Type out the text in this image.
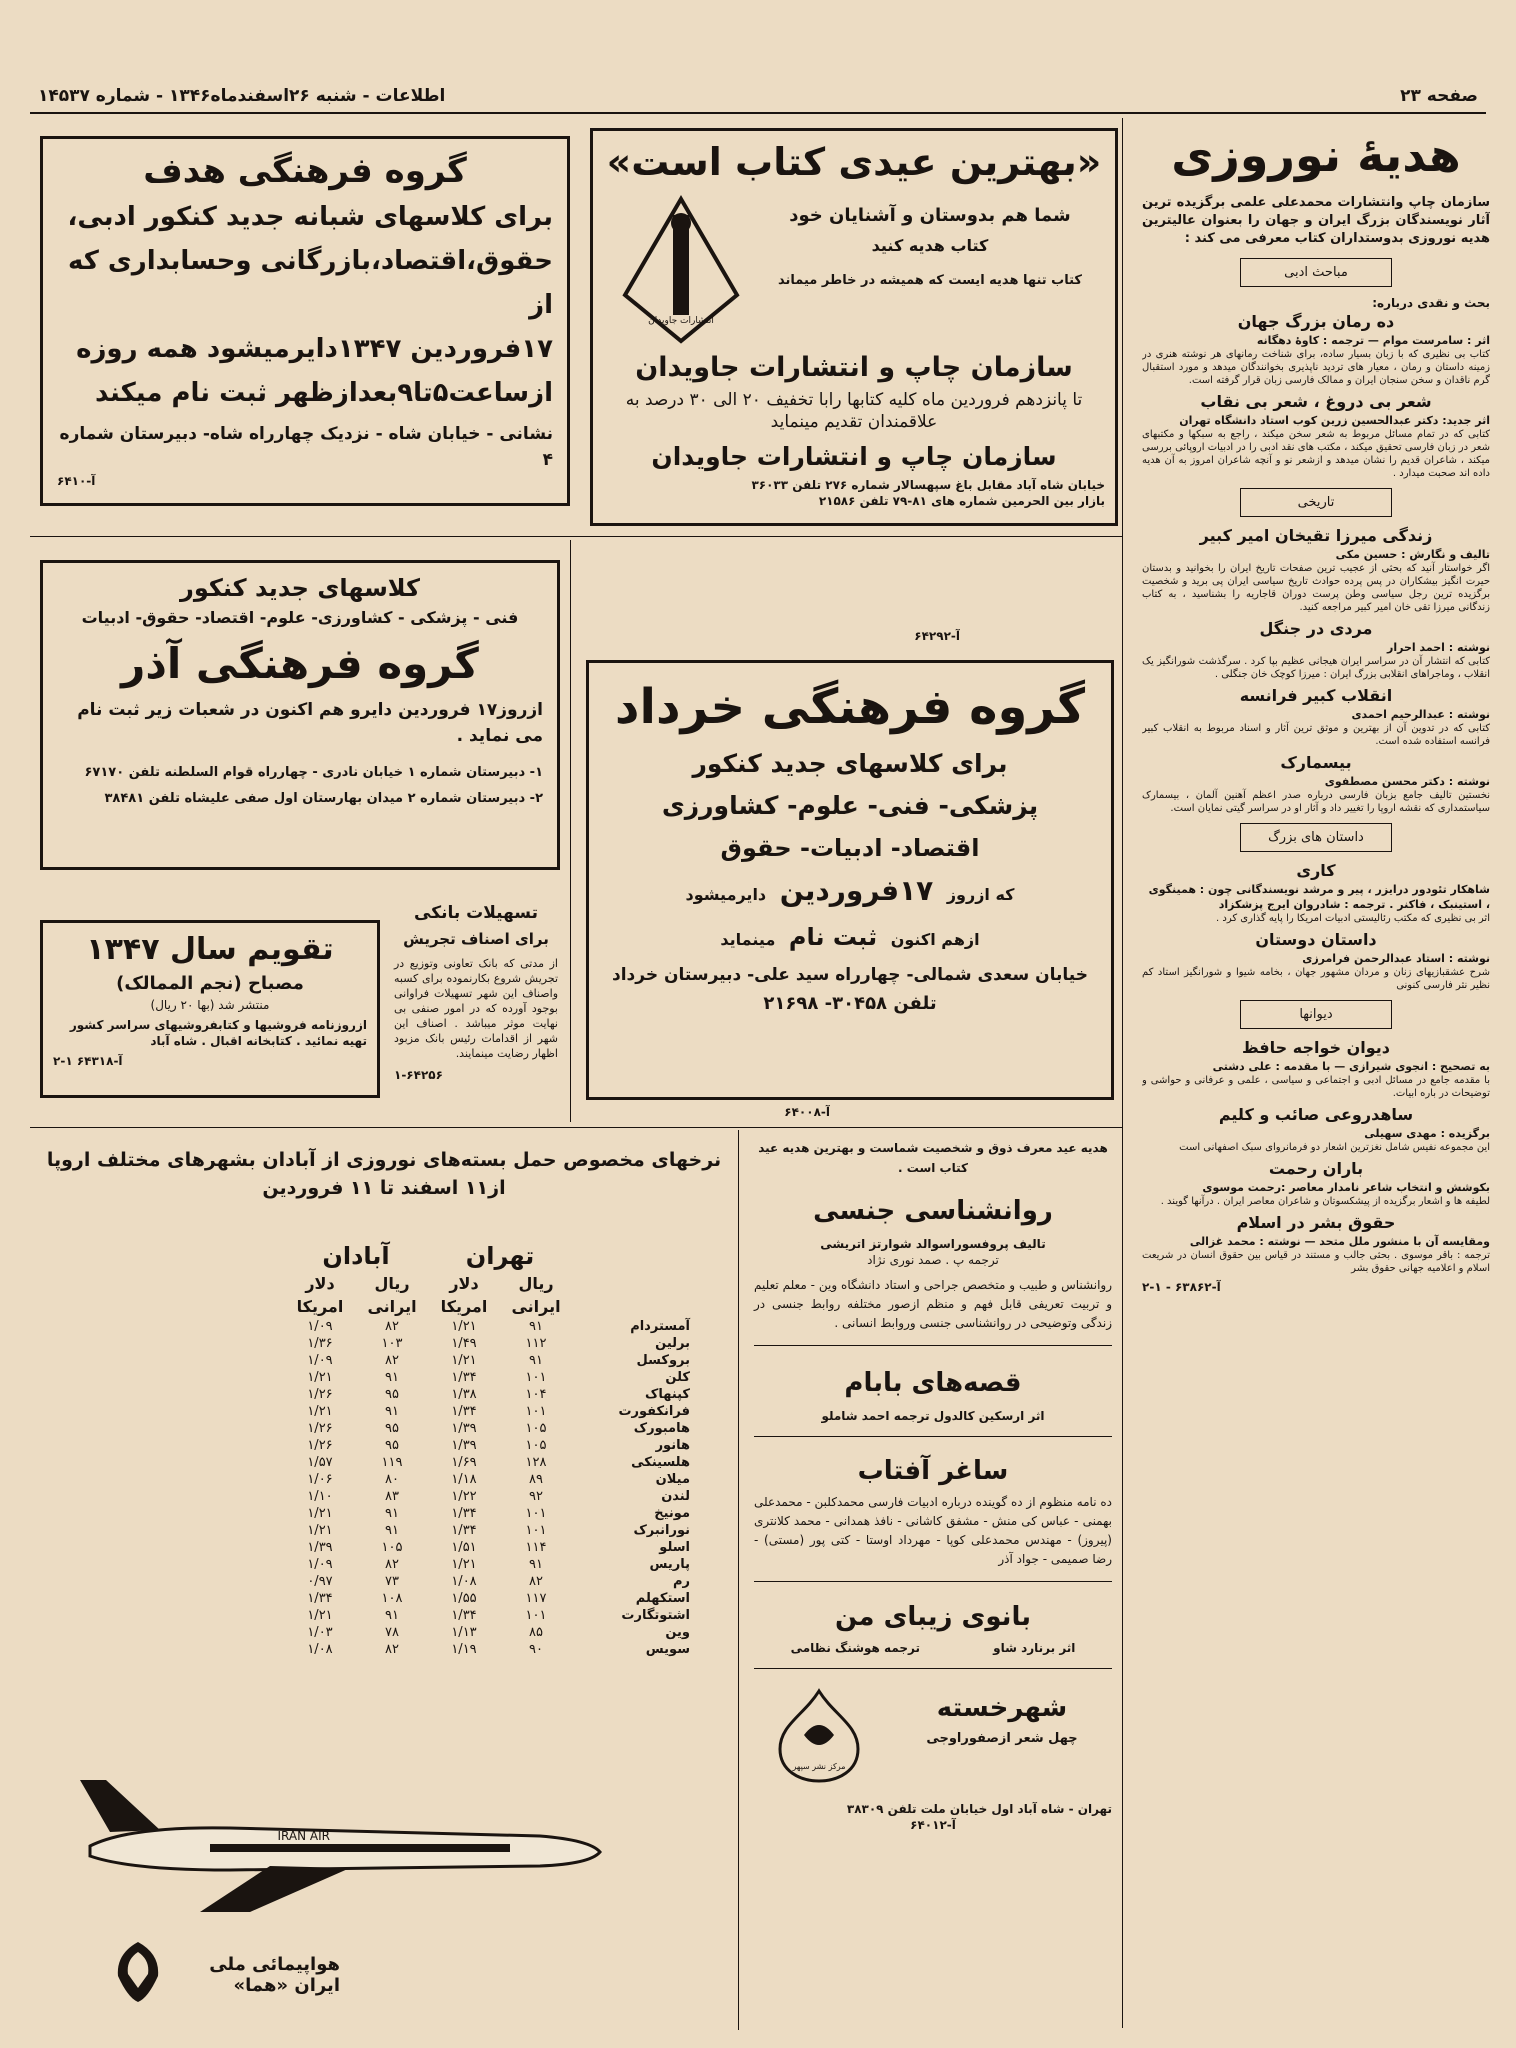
صفحه ۲۳
اطلاعات - شنبه ۲۶اسفندماه۱۳۴۶ - شماره ۱۴۵۳۷
هدیهٔ نوروزی
سازمان چاپ وانتشارات محمدعلی علمی برگزیده ترین آثار نویسندگان بزرگ ایران و جهان را بعنوان عالیترین هدیه نوروزی بدوستداران کتاب معرفی می کند :
مباحث ادبی
بحث و نقدی درباره:
ده رمان بزرگ جهان
اثر : سامرست موام — ترجمه : کاوهٔ دهگانه
کتاب بی نظیری که با زبان بسیار ساده، برای شناخت رمانهای هر نوشته هنری در زمینه داستان و رمان ، معیار های تردید ناپذیری بخوانندگان میدهد و مورد استقبال گرم ناقدان و سخن سنجان ایران و ممالک فارسی زبان قرار گرفته است.
شعر بی دروغ ، شعر بی نقاب
اثر جدید: دکتر عبدالحسین زرین کوب استاد دانشگاه تهران
کتابی که در تمام مسائل مربوط به شعر سخن میکند ، راجع به سبکها و مکتبهای شعر در زبان فارسی تحقیق میکند ، مکتب های نقد ادبی را در ادبیات اروپائی بررسی میکند ، شاعران قدیم را نشان میدهد و ازشعر نو و آنچه شاعران امروز به آن هدیه داده اند صحبت میدارد .
تاریخی
زندگی میرزا تقیخان امیر کبیر
تالیف و نگارش : حسین مکی
اگر خواستار آنید که بحثی از عجیب ترین صفحات تاریخ ایران را بخوانید و بدستان حیرت انگیز بیشکاران در پس پرده حوادث تاریخ سیاسی ایران پی برید و شخصیت برگزیده ترین رجل سیاسی وطن پرست دوران قاجاریه را بشناسید ، به کتاب زندگانی میرزا تقی خان امیر کبیر مراجعه کنید.
مردی در جنگل
نوشته : احمد احرار
کتابی که انتشار آن در سراسر ایران هیجانی عظیم بپا کرد . سرگذشت شورانگیز یک انقلاب ، وماجراهای انقلابی بزرگ ایران : میرزا کوچک خان جنگلی .
انقلاب کبیر فرانسه
نوشته : عبدالرحیم احمدی
کتابی که در تدوین آن از بهترین و موثق ترین آثار و اسناد مربوط به انقلاب کبیر فرانسه استفاده شده است.
بیسمارک
نوشته : دکتر محسن مصطفوی
نخستین تالیف جامع بزبان فارسی درباره صدر اعظم آهنین آلمان ، بیسمارک سیاستمداری که نقشه اروپا را تغییر داد و آثار او در سراسر گیتی نمایان است.
داستان های بزرگ
کاری
شاهکار تئودور درایزر ، پیر و مرشد نویسندگانی چون : همینگوی ، استینبک ، فاکنر . ترجمه : شادروان ایرج پزشکزاد
اثر بی نظیری که مکتب رئالیستی ادبیات امریکا را پایه گذاری کرد .
داستان دوستان
نوشته : استاد عبدالرحمن فرامرزی
شرح عشقبازیهای زنان و مردان مشهور جهان ، بخامه شیوا و شورانگیز استاد کم نظیر نثر فارسی کنونی
دیوانها
دیوان خواجه حافظ
به تصحیح : انجوی شیرازی — با مقدمه : علی دشتی
با مقدمه جامع در مسائل ادبی و اجتماعی و سیاسی ، علمی و عرفانی و حواشی و توضیحات در باره ابیات.
ساهدروعی صائب و کلیم
برگزیده : مهدی سهیلی
این مجموعه نفیس شامل نغزترین اشعار دو فرمانروای سبک اصفهانی است
باران رحمت
بکوشش و انتخاب شاعر نامدار معاصر :رحمت موسوی
لطیفه ها و اشعار برگزیده از پیشکسوتان و شاعران معاصر ایران . درآنها گویند .
حقوق بشر در اسلام
ومقایسه آن با منشور ملل متحد — نوشته : محمد غزالی
ترجمه : باقر موسوی . بحثی جالب و مستند در قیاس بین حقوق انسان در شریعت اسلام و اعلامیه جهانی حقوق بشر
آ-۶۳۸۶۲ - ۱-۲
«بهترین عیدی کتاب است»
انتشارات جاویدان
شما هم بدوستان و آشنایان خود
کتاب هدیه کنید
کتاب تنها هدیه ایست که همیشه در خاطر میماند
سازمان چاپ و انتشارات جاویدان
تا پانزدهم فروردین ماه کلیه کتابها رابا تخفیف ۲۰ الی ۳۰ درصد به علاقمندان تقدیم مینماید
سازمان چاپ و انتشارات جاویدان
خیابان شاه آباد مقابل باغ سپهسالار شماره ۲۷۶ تلفن ۳۶۰۳۳
بازار بین الحرمین شماره های ۸۱-۷۹ تلفن ۲۱۵۸۶
آ-۶۴۲۹۲
گروه فرهنگی هدف
برای کلاسهای شبانه جدید کنکور ادبی،
حقوق،اقتصاد،بازرگانی وحسابداری که از
۱۷فروردین ۱۳۴۷دایرمیشود همه روزه
ازساعت۵تا۹بعدازظهر ثبت نام میکند
نشانی - خیابان شاه - نزدیک چهارراه شاه- دبیرستان شماره ۴
آ-۶۴۱۰
کلاسهای جدید کنکور
فنی - پزشکی - کشاورزی- علوم- اقتصاد- حقوق- ادبیات
گروه فرهنگی آذر
ازروز۱۷ فروردین دایرو هم اکنون در شعبات زیر ثبت نام می نماید .
۱- دبیرستان شماره ۱ خیابان نادری - چهارراه قوام السلطنه تلفن ۶۷۱۷۰
۲- دبیرستان شماره ۲ میدان بهارستان اول صفی علیشاه تلفن ۳۸۴۸۱
تقویم سال ۱۳۴۷
مصباح (نجم الممالک)
منتشر شد (بها ۲۰ ریال)
ازروزنامه فروشیها و کتابفروشیهای سراسر کشور تهیه نمائید . کتابخانه اقبال . شاه آباد
آ-۶۴۳۱۸ ۱-۲
تسهیلات بانکی
برای اصناف تجریش
از مدتی که بانک تعاونی وتوزیع در تجریش شروع بکارنموده برای کسبه واصناف این شهر تسهیلات فراوانی بوجود آورده که در امور صنفی بی نهایت موثر میباشد . اصناف این شهر از اقدامات رئیس بانک مزبود اظهار رضایت مینمایند.
۱-۶۴۲۵۶
گروه فرهنگی خرداد
برای کلاسهای جدید کنکور
پزشکی- فنی- علوم- کشاورزی
اقتصاد- ادبیات- حقوق
که ازروز ۱۷فروردین دایرمیشود
ازهم اکنون ثبت نام مینماید
خیابان سعدی شمالی- چهارراه سید علی- دبیرستان خرداد
تلفن ۳۰۴۵۸- ۲۱۶۹۸
آ-۶۴۰۰۸
هدیه عید معرف ذوق و شخصیت شماست و بهترین هدیه عید کتاب است .
روانشناسی جنسی
تالیف پروفسوراسوالد شوارتز اتریشی
ترجمه پ . صمد نوری نژاد
روانشناس و طبیب و متخصص جراحی و استاد دانشگاه وین - معلم تعلیم و تربیت تعریفی قابل فهم و منظم ازصور مختلفه روابط جنسی در زندگی وتوضیحی در روانشناسی جنسی وروابط انسانی .
قصه‌های بابام
اثر ارسکین کالدول ترجمه احمد شاملو
ساغر آفتاب
ده نامه منظوم از ده گوینده درباره ادبیات فارسی محمدکلبن - محمدعلی بهمنی - عباس کی منش - مشفق کاشانی - نافذ همدانی - محمد کلانتری (پیروز) - مهندس محمدعلی کوپا - مهرداد اوستا - کتی پور (مستی) - رضا صمیمی - جواد آذر
بانوی زیبای من
اثر برنارد شاو
ترجمه هوشنگ نظامی
شهرخسته
چهل شعر ازصفوراوجی
مرکز نشر سپهر
تهران - شاه آباد اول خیابان ملت تلفن ۳۸۳۰۹
آ-۶۴۰۱۲
نرخهای مخصوص حمل بسته‌های نوروزی از آبادان بشهرهای مختلف اروپا
از۱۱ اسفند تا ۱۱ فروردین
	تهران		آبادان	
	ریال	دلار	ریال	دلار
	ایرانی	امریکا	ایرانی	امریکا
آمستردام	۹۱	۱/۲۱	۸۲	۱/۰۹
برلین	۱۱۲	۱/۴۹	۱۰۳	۱/۳۶
بروکسل	۹۱	۱/۲۱	۸۲	۱/۰۹
کلن	۱۰۱	۱/۳۴	۹۱	۱/۲۱
کپنهاک	۱۰۴	۱/۳۸	۹۵	۱/۲۶
فرانکفورت	۱۰۱	۱/۳۴	۹۱	۱/۲۱
هامبورک	۱۰۵	۱/۳۹	۹۵	۱/۲۶
هانور	۱۰۵	۱/۳۹	۹۵	۱/۲۶
هلسینکی	۱۲۸	۱/۶۹	۱۱۹	۱/۵۷
میلان	۸۹	۱/۱۸	۸۰	۱/۰۶
لندن	۹۲	۱/۲۲	۸۳	۱/۱۰
مونیخ	۱۰۱	۱/۳۴	۹۱	۱/۲۱
نورانبرک	۱۰۱	۱/۳۴	۹۱	۱/۲۱
اسلو	۱۱۴	۱/۵۱	۱۰۵	۱/۳۹
پاریس	۹۱	۱/۲۱	۸۲	۱/۰۹
رم	۸۲	۱/۰۸	۷۳	۰/۹۷
استکهلم	۱۱۷	۱/۵۵	۱۰۸	۱/۳۴
اشتوتگارت	۱۰۱	۱/۳۴	۹۱	۱/۲۱
وین	۸۵	۱/۱۳	۷۸	۱/۰۳
سویس	۹۰	۱/۱۹	۸۲	۱/۰۸
IRAN AIR
هواپیمائی ملی ایران «هما»
